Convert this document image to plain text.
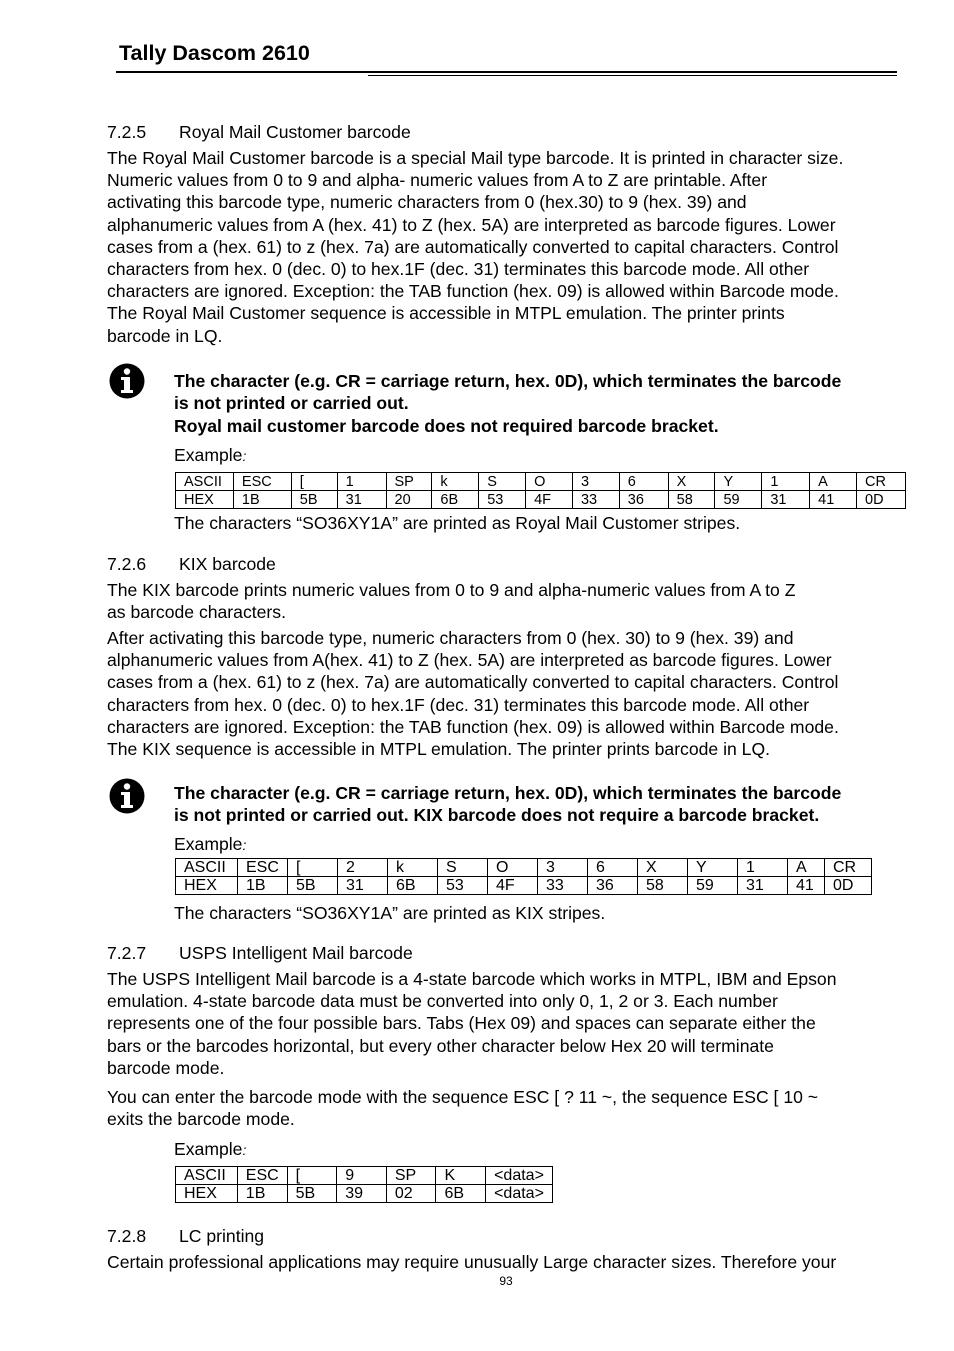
Tally Dascom 2610
7.2.5 Royal Mail Customer barcode
The Royal Mail Customer barcode is a special Mail type barcode. It is printed in character size.
Numeric values from 0 to 9 and alpha- numeric values from A to Z are printable. After
activating this barcode type, numeric characters from 0 (hex.30) to 9 (hex. 39) and
alphanumeric values from A (hex. 41) to Z (hex. 5A) are interpreted as barcode figures. Lower
cases from a (hex. 61) to z (hex. 7a) are automatically converted to capital characters. Control
characters from hex. 0 (dec. 0) to hex.1F (dec. 31) terminates this barcode mode. All other
characters are ignored. Exception: the TAB function (hex. 09) is allowed within Barcode mode.
The Royal Mail Customer sequence is accessible in MTPL emulation. The printer prints
barcode in LQ.
The character (e.g. CR = carriage return, hex. 0D), which terminates the barcode
is not printed or carried out.
Royal mail customer barcode does not required barcode bracket.
Example:
ASCII	ESC	[	1	SP	k	S	O	3	6	X	Y	1	A	CR
HEX	1B	5B	31	20	6B	53	4F	33	36	58	59	31	41	0D
The characters “SO36XY1A” are printed as Royal Mail Customer stripes.
7.2.6 KIX barcode
The KIX barcode prints numeric values from 0 to 9 and alpha-numeric values from A to Z
as barcode characters.
After activating this barcode type, numeric characters from 0 (hex. 30) to 9 (hex. 39) and
alphanumeric values from A(hex. 41) to Z (hex. 5A) are interpreted as barcode figures. Lower
cases from a (hex. 61) to z (hex. 7a) are automatically converted to capital characters. Control
characters from hex. 0 (dec. 0) to hex.1F (dec. 31) terminates this barcode mode. All other
characters are ignored. Exception: the TAB function (hex. 09) is allowed within Barcode mode.
The KIX sequence is accessible in MTPL emulation. The printer prints barcode in LQ.
The character (e.g. CR = carriage return, hex. 0D), which terminates the barcode
is not printed or carried out. KIX barcode does not require a barcode bracket.
Example:
ASCII	ESC	[	2	k	S	O	3	6	X	Y	1	A	CR
HEX	1B	5B	31	6B	53	4F	33	36	58	59	31	41	0D
The characters “SO36XY1A” are printed as KIX stripes.
7.2.7 USPS Intelligent Mail barcode
The USPS Intelligent Mail barcode is a 4-state barcode which works in MTPL, IBM and Epson
emulation. 4-state barcode data must be converted into only 0, 1, 2 or 3. Each number
represents one of the four possible bars. Tabs (Hex 09) and spaces can separate either the
bars or the barcodes horizontal, but every other character below Hex 20 will terminate
barcode mode.
You can enter the barcode mode with the sequence ESC [ ? 11 ~, the sequence ESC [ 10 ~
exits the barcode mode.
Example:
ASCII	ESC	[	9	SP	K	<data>
HEX	1B	5B	39	02	6B	<data>
7.2.8 LC printing
Certain professional applications may require unusually Large character sizes. Therefore your
93
